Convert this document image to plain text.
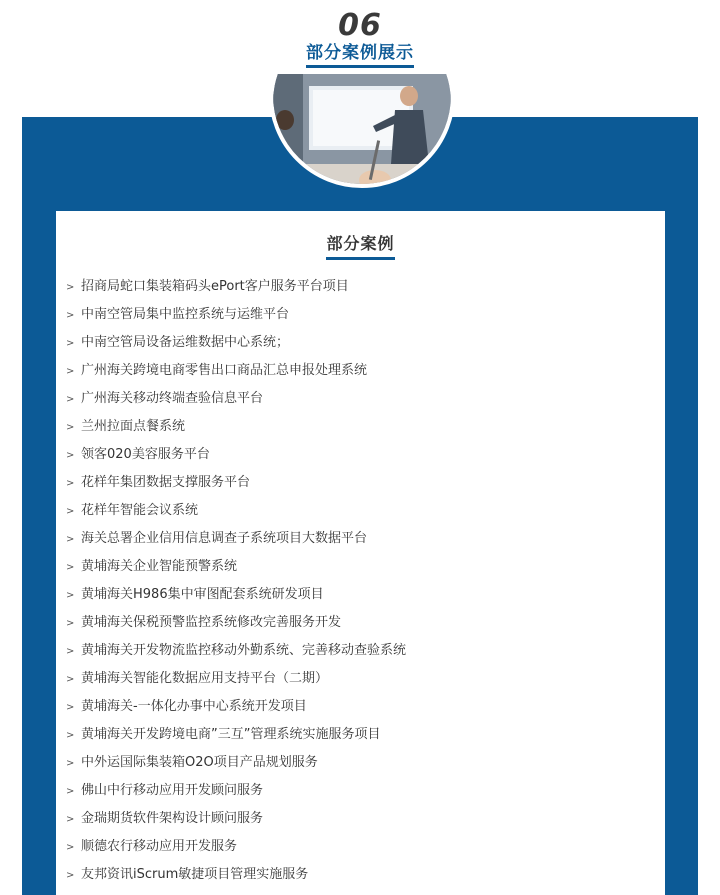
06
部分案例展示
部分案例
> 招商局蛇口集装箱码头ePort客户服务平台项目
> 中南空管局集中监控系统与运维平台
> 中南空管局设备运维数据中心系统；
> 广州海关跨境电商零售出口商品汇总申报处理系统
> 广州海关移动终端查验信息平台
> 兰州拉面点餐系统
> 领客020美容服务平台
> 花样年集团数据支撑服务平台
> 花样年智能会议系统
> 海关总署企业信用信息调查子系统项目大数据平台
> 黄埔海关企业智能预警系统
> 黄埔海关H986集中审图配套系统研发项目
> 黄埔海关保税预警监控系统修改完善服务开发
> 黄埔海关开发物流监控移动外勤系统、完善移动查验系统
> 黄埔海关智能化数据应用支持平台（二期）
> 黄埔海关-一体化办事中心系统开发项目
> 黄埔海关开发跨境电商”三互”管理系统实施服务项目
> 中外运国际集装箱O2O项目产品规划服务
> 佛山中行移动应用开发顾问服务
> 金瑞期货软件架构设计顾问服务
> 顺德农行移动应用开发服务
> 友邦资讯iScrum敏捷项目管理实施服务
